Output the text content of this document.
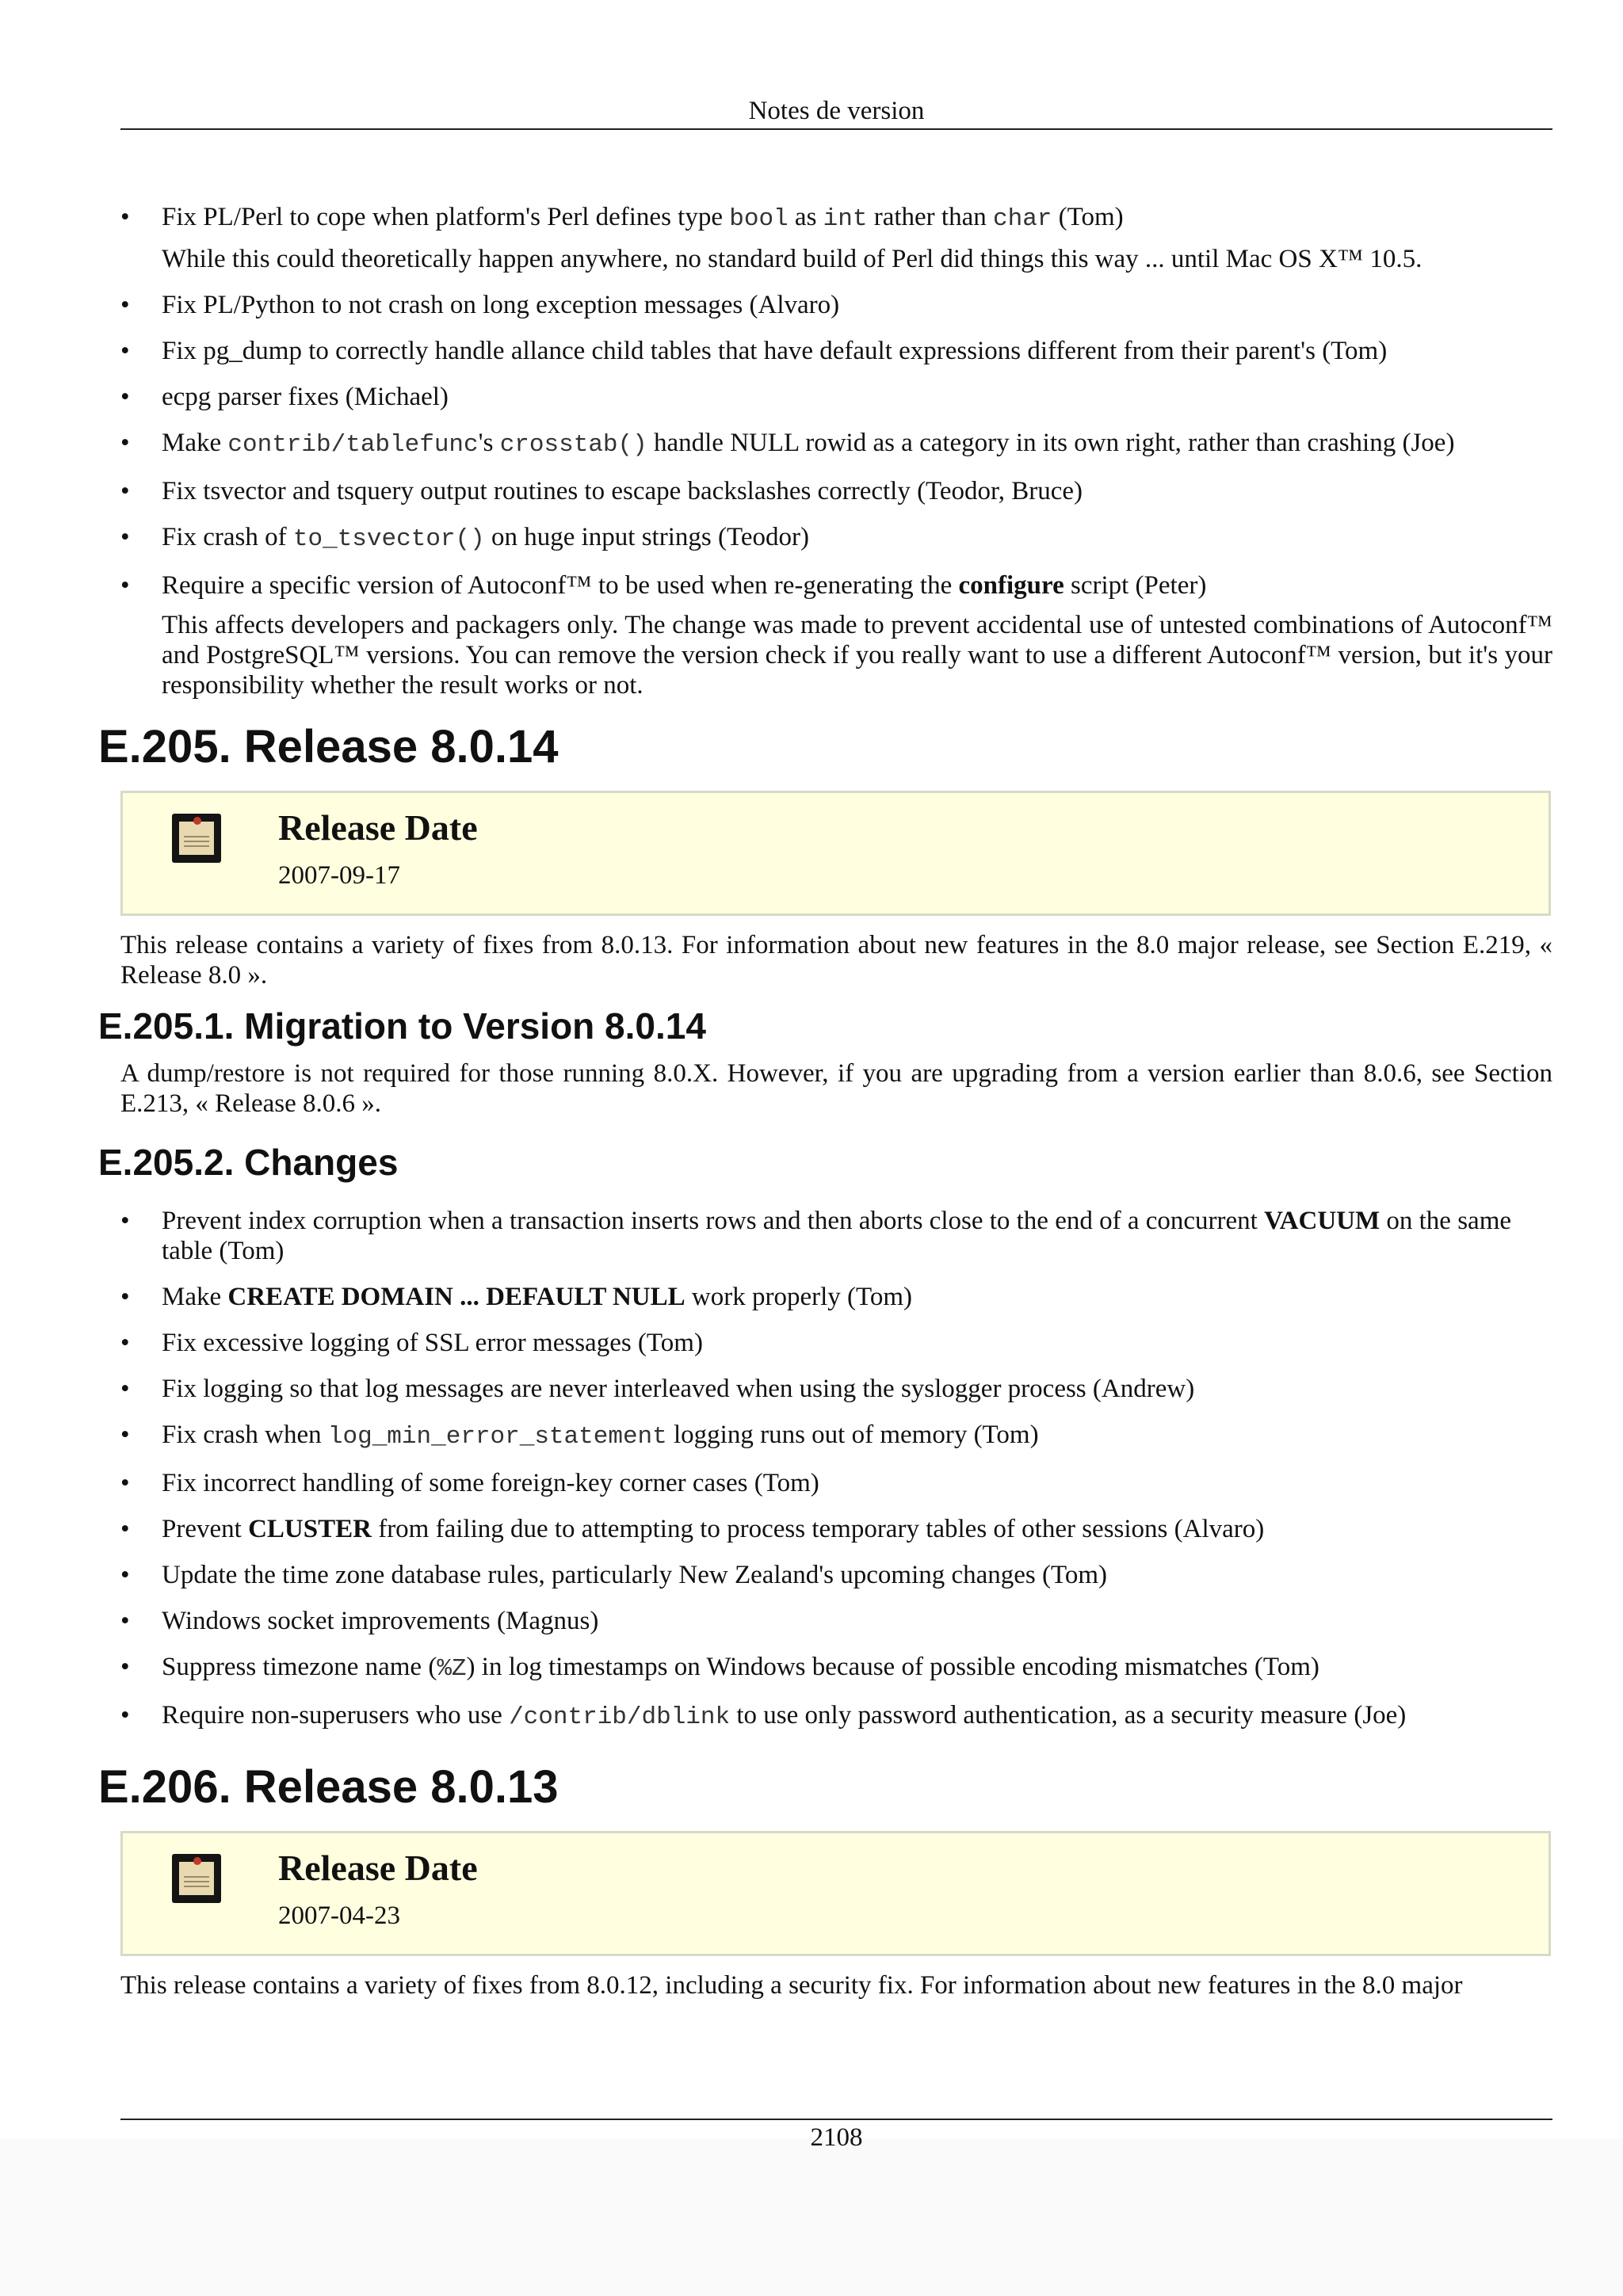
Notes de version
• Fix PL/Perl to cope when platform's Perl defines type bool as int rather than char (Tom)
While this could theoretically happen anywhere, no standard build of Perl did things this way ... until Mac OS X™ 10.5.
• Fix PL/Python to not crash on long exception messages (Alvaro)
• Fix pg_dump to correctly handle allance child tables that have default expressions different from their parent's (Tom)
• ecpg parser fixes (Michael)
• Make contrib/tablefunc's crosstab() handle NULL rowid as a category in its own right, rather than crashing (Joe)
• Fix tsvector and tsquery output routines to escape backslashes correctly (Teodor, Bruce)
• Fix crash of to_tsvector() on huge input strings (Teodor)
• Require a specific version of Autoconf™ to be used when re-generating the configure script (Peter)
This affects developers and packagers only. The change was made to prevent accidental use of untested combinations of Autoconf™ and PostgreSQL™ versions. You can remove the version check if you really want to use a different Autoconf™ version, but it's your responsibility whether the result works or not.
E.205. Release 8.0.14
Release Date
2007-09-17
This release contains a variety of fixes from 8.0.13. For information about new features in the 8.0 major release, see Section E.219, « Release 8.0 ».
E.205.1. Migration to Version 8.0.14
A dump/restore is not required for those running 8.0.X. However, if you are upgrading from a version earlier than 8.0.6, see Section E.213, « Release 8.0.6 ».
E.205.2. Changes
• Prevent index corruption when a transaction inserts rows and then aborts close to the end of a concurrent VACUUM on the same table (Tom)
• Make CREATE DOMAIN ... DEFAULT NULL work properly (Tom)
• Fix excessive logging of SSL error messages (Tom)
• Fix logging so that log messages are never interleaved when using the syslogger process (Andrew)
• Fix crash when log_min_error_statement logging runs out of memory (Tom)
• Fix incorrect handling of some foreign-key corner cases (Tom)
• Prevent CLUSTER from failing due to attempting to process temporary tables of other sessions (Alvaro)
• Update the time zone database rules, particularly New Zealand's upcoming changes (Tom)
• Windows socket improvements (Magnus)
• Suppress timezone name (%Z) in log timestamps on Windows because of possible encoding mismatches (Tom)
• Require non-superusers who use /contrib/dblink to use only password authentication, as a security measure (Joe)
E.206. Release 8.0.13
Release Date
2007-04-23
This release contains a variety of fixes from 8.0.12, including a security fix. For information about new features in the 8.0 major
2108
